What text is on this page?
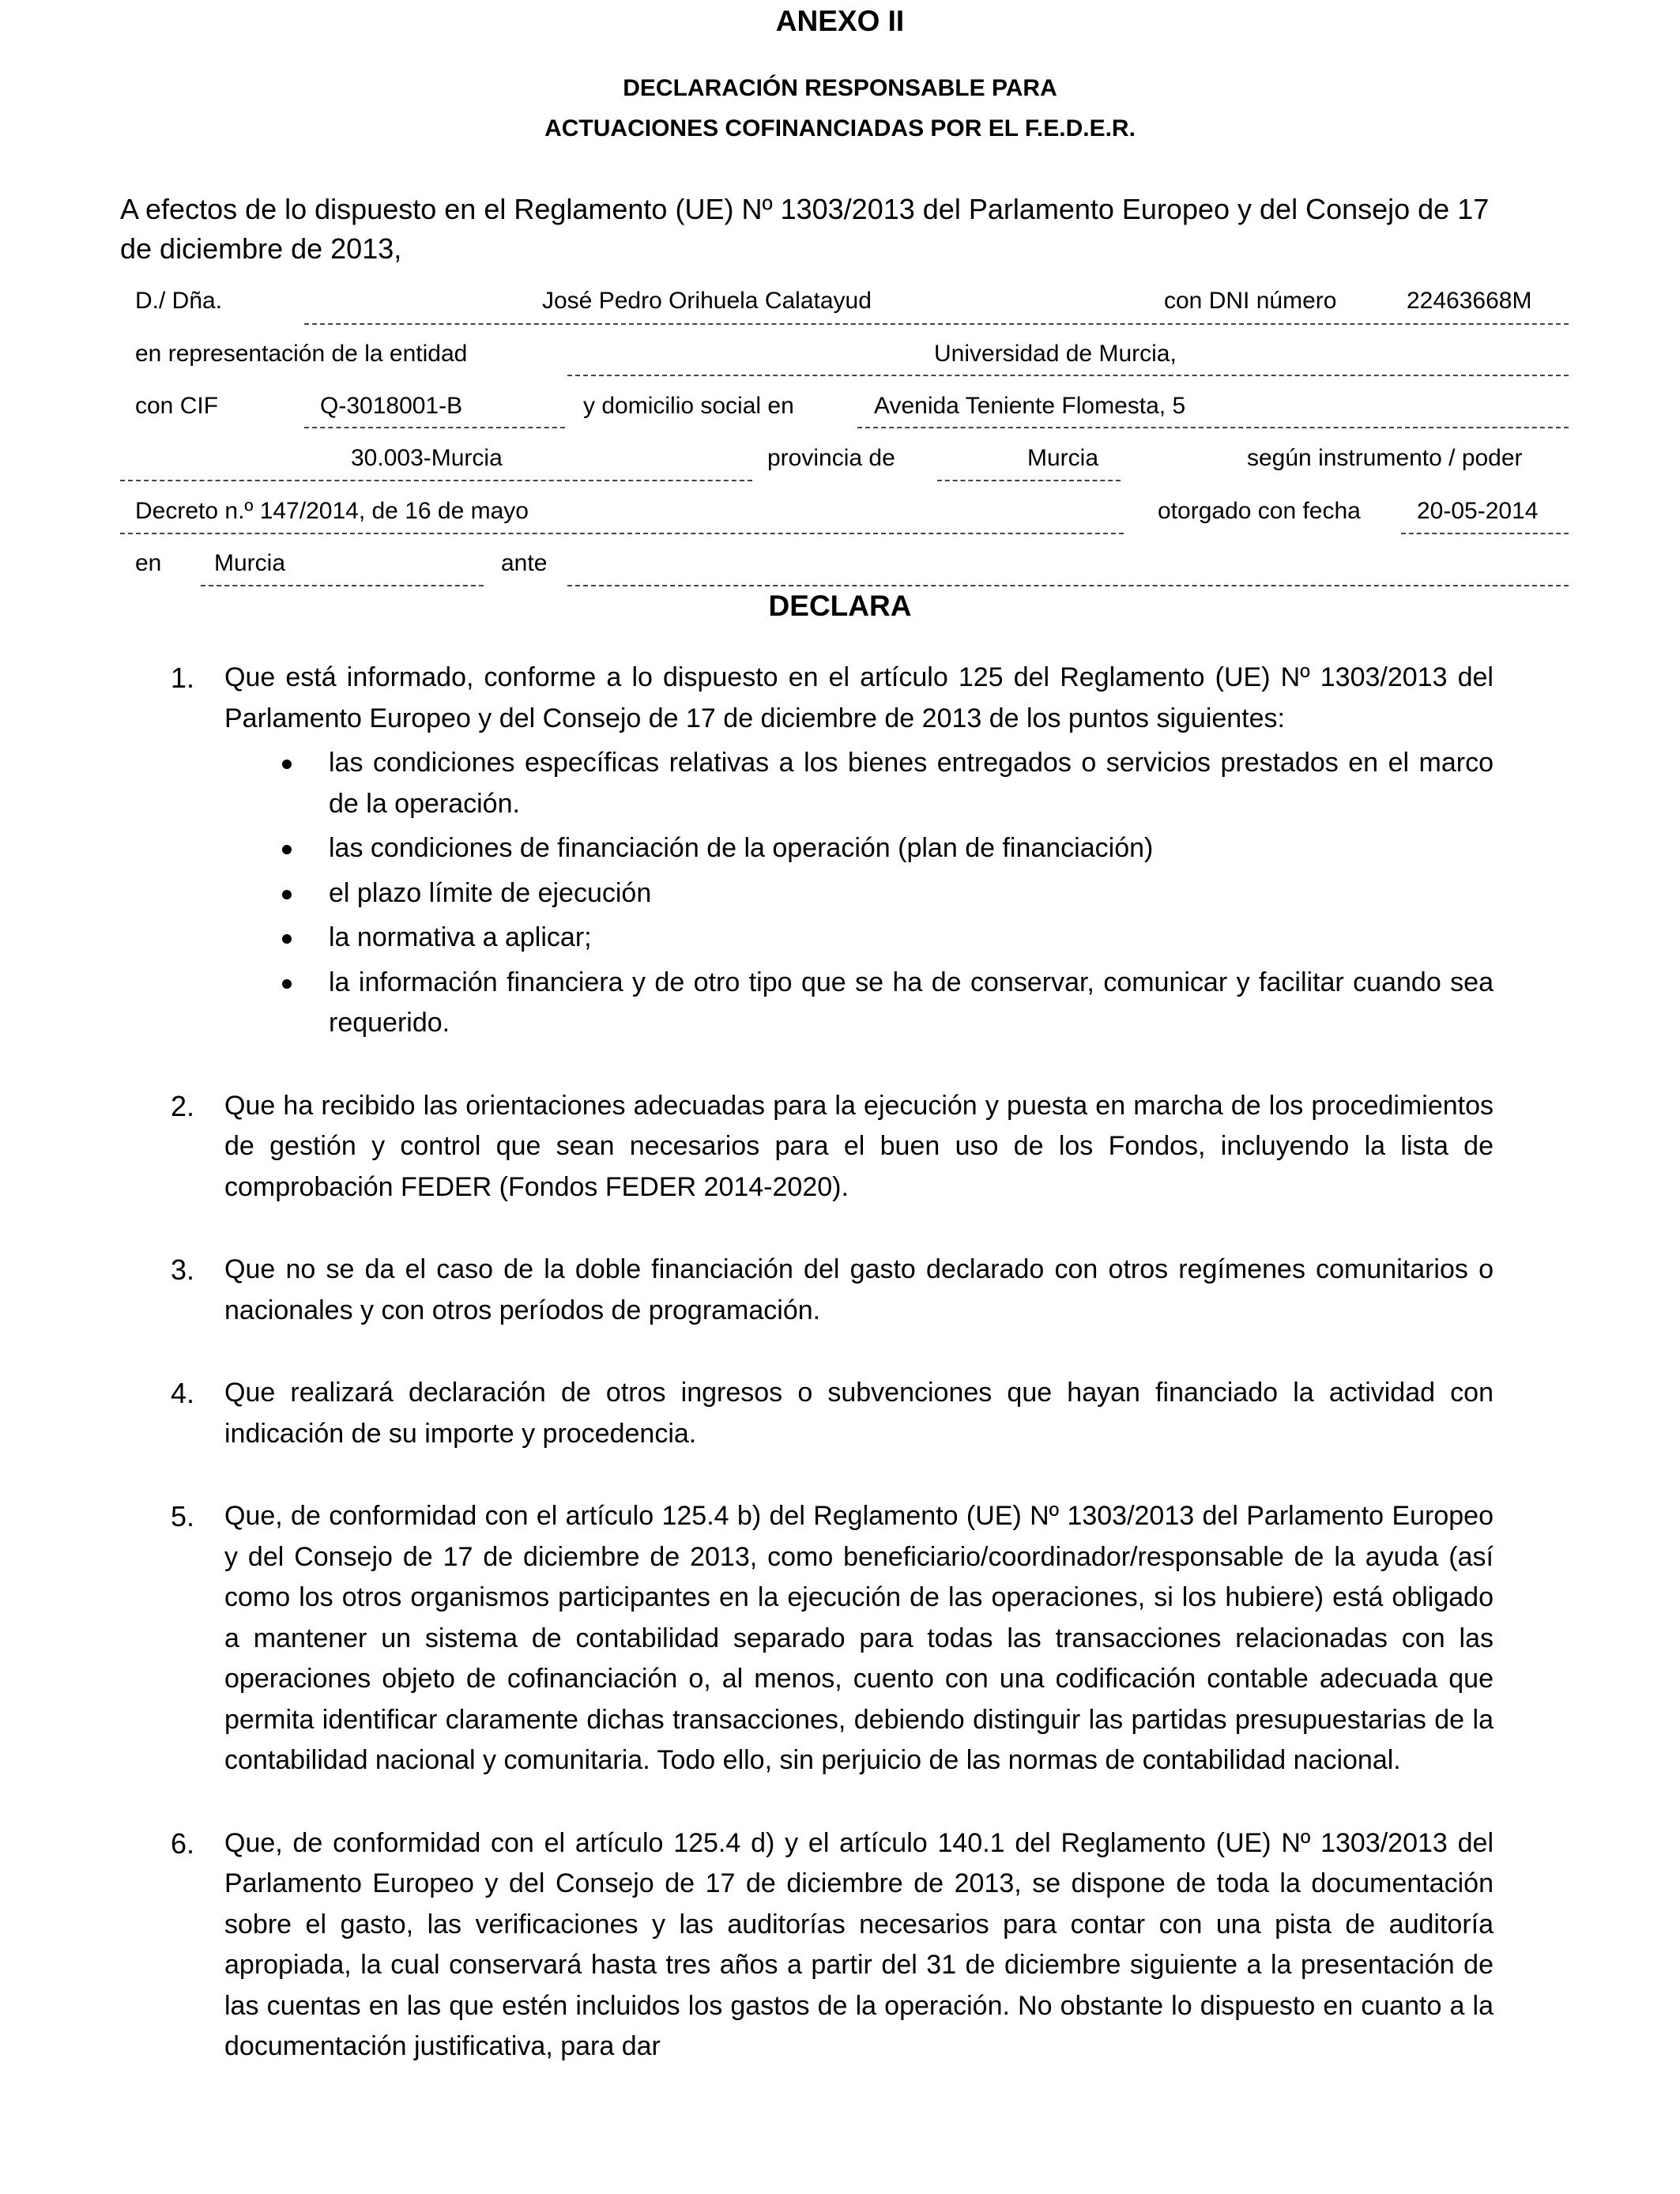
ANEXO II
DECLARACIÓN RESPONSABLE PARA
ACTUACIONES COFINANCIADAS POR EL F.E.D.E.R.
A efectos de lo dispuesto en el Reglamento (UE) Nº 1303/2013 del Parlamento Europeo y del Consejo de 17 de diciembre de 2013,
D./ Dña.	José Pedro Orihuela Calatayud	con DNI número	22463668M
en representación de la entidad	Universidad de Murcia,
con CIF	Q-3018001-B	y domicilio social en	Avenida Teniente Flomesta, 5
30.003-Murcia	provincia de	Murcia	según instrumento / poder
Decreto n.º 147/2014, de 16 de mayo	otorgado con fecha 20-05-2014
en Murcia	ante
DECLARA
1. Que está informado, conforme a lo dispuesto en el artículo 125 del Reglamento (UE) Nº 1303/2013 del Parlamento Europeo y del Consejo de 17 de diciembre de 2013 de los puntos siguientes:
las condiciones específicas relativas a los bienes entregados o servicios prestados en el marco de la operación.
las condiciones de financiación de la operación (plan de financiación)
el plazo límite de ejecución
la normativa a aplicar;
la información financiera y de otro tipo que se ha de conservar, comunicar y facilitar cuando sea requerido.
2. Que ha recibido las orientaciones adecuadas para la ejecución y puesta en marcha de los procedimientos de gestión y control que sean necesarios para el buen uso de los Fondos, incluyendo la lista de comprobación FEDER (Fondos FEDER 2014-2020).
3. Que no se da el caso de la doble financiación del gasto declarado con otros regímenes comunitarios o nacionales y con otros períodos de programación.
4. Que realizará declaración de otros ingresos o subvenciones que hayan financiado la actividad con indicación de su importe y procedencia.
5. Que, de conformidad con el artículo 125.4 b) del Reglamento (UE) Nº 1303/2013 del Parlamento Europeo y del Consejo de 17 de diciembre de 2013, como beneficiario/coordinador/responsable de la ayuda (así como los otros organismos participantes en la ejecución de las operaciones, si los hubiere) está obligado a mantener un sistema de contabilidad separado para todas las transacciones relacionadas con las operaciones objeto de cofinanciación o, al menos, cuento con una codificación contable adecuada que permita identificar claramente dichas transacciones, debiendo distinguir las partidas presupuestarias de la contabilidad nacional y comunitaria. Todo ello, sin perjuicio de las normas de contabilidad nacional.
6. Que, de conformidad con el artículo 125.4 d) y el artículo 140.1 del Reglamento (UE) Nº 1303/2013 del Parlamento Europeo y del Consejo de 17 de diciembre de 2013, se dispone de toda la documentación sobre el gasto, las verificaciones y las auditorías necesarios para contar con una pista de auditoría apropiada, la cual conservará hasta tres años a partir del 31 de diciembre siguiente a la presentación de las cuentas en las que estén incluidos los gastos de la operación. No obstante lo dispuesto en cuanto a la documentación justificativa, para dar
